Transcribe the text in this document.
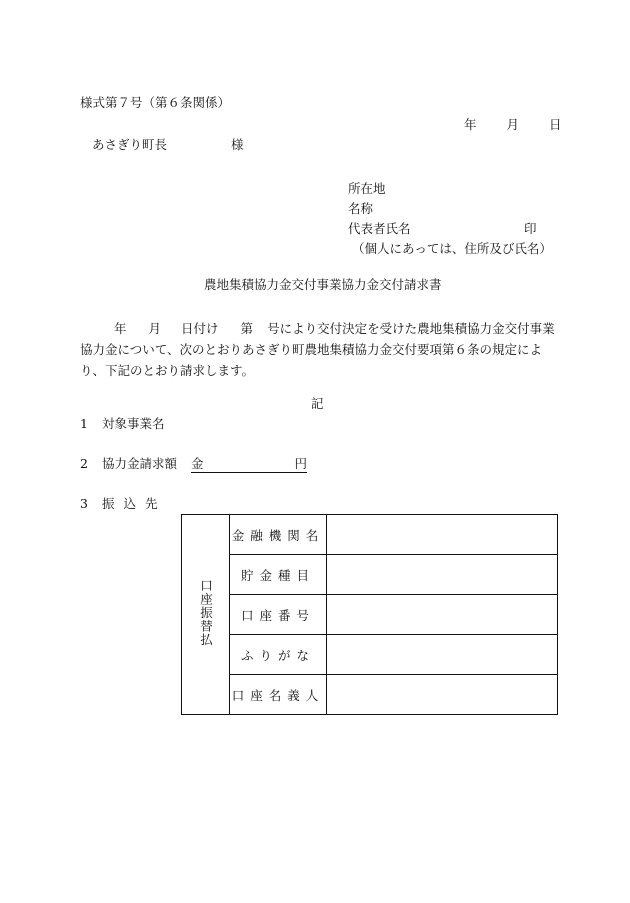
様式第７号（第６条関係）
年 月 日
あさぎり町長	様
所在地
名称
代表者氏名	印
（個人にあっては、住所及び氏名）
農地集積協力金交付事業協力金交付請求書
年 月 日付け 第 号により交付決定を受けた農地集積協力金交付事業協力金について、次のとおりあさぎり町農地集積協力金交付要項第６条の規定により、下記のとおり請求します。
記
1 対象事業名
2 協力金請求額 金	円
3 振込先
口座振替払	金融機関名	
	貯金種目	
	口座番号	
	ふりがな	
	口座名義人	
